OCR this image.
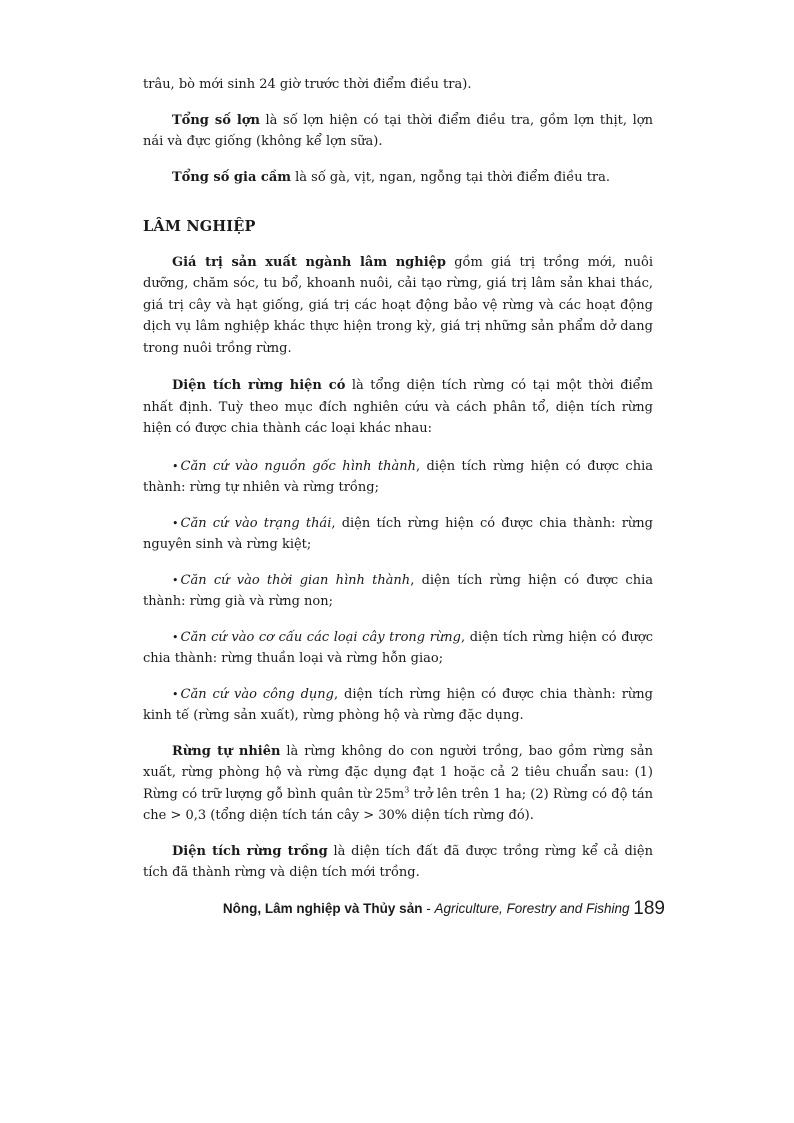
trâu, bò mới sinh 24 giờ trước thời điểm điều tra).

Tổng số lợn là số lợn hiện có tại thời điểm điều tra, gồm lợn thịt, lợn nái và đực giống (không kể lợn sữa).

Tổng số gia cầm là số gà, vịt, ngan, ngỗng tại thời điểm điều tra.

LÂM NGHIỆP

Giá trị sản xuất ngành lâm nghiệp gồm giá trị trồng mới, nuôi dưỡng, chăm sóc, tu bổ, khoanh nuôi, cải tạo rừng, giá trị lâm sản khai thác, giá trị cây và hạt giống, giá trị các hoạt động bảo vệ rừng và các hoạt động dịch vụ lâm nghiệp khác thực hiện trong kỳ, giá trị những sản phẩm dở dang trong nuôi trồng rừng.

Diện tích rừng hiện có là tổng diện tích rừng có tại một thời điểm nhất định. Tuỳ theo mục đích nghiên cứu và cách phân tổ, diện tích rừng hiện có được chia thành các loại khác nhau:

• Căn cứ vào nguồn gốc hình thành, diện tích rừng hiện có được chia thành: rừng tự nhiên và rừng trồng;

• Căn cứ vào trạng thái, diện tích rừng hiện có được chia thành: rừng nguyên sinh và rừng kiệt;

• Căn cứ vào thời gian hình thành, diện tích rừng hiện có được chia thành: rừng già và rừng non;

• Căn cứ vào cơ cấu các loại cây trong rừng, diện tích rừng hiện có được chia thành: rừng thuần loại và rừng hỗn giao;

• Căn cứ vào công dụng, diện tích rừng hiện có được chia thành: rừng kinh tế (rừng sản xuất), rừng phòng hộ và rừng đặc dụng.

Rừng tự nhiên là rừng không do con người trồng, bao gồm rừng sản xuất, rừng phòng hộ và rừng đặc dụng đạt 1 hoặc cả 2 tiêu chuẩn sau: (1) Rừng có trữ lượng gỗ bình quân từ $25m^3$ trở lên trên 1 ha; (2) Rừng có độ tán che > 0,3 (tổng diện tích tán cây > 30% diện tích rừng đó).

Diện tích rừng trồng là diện tích đất đã được trồng rừng kể cả diện tích đã thành rừng và diện tích mới trồng.

Nông, Lâm nghiệp và Thủy sản - Agriculture, Forestry and Fishing 189
